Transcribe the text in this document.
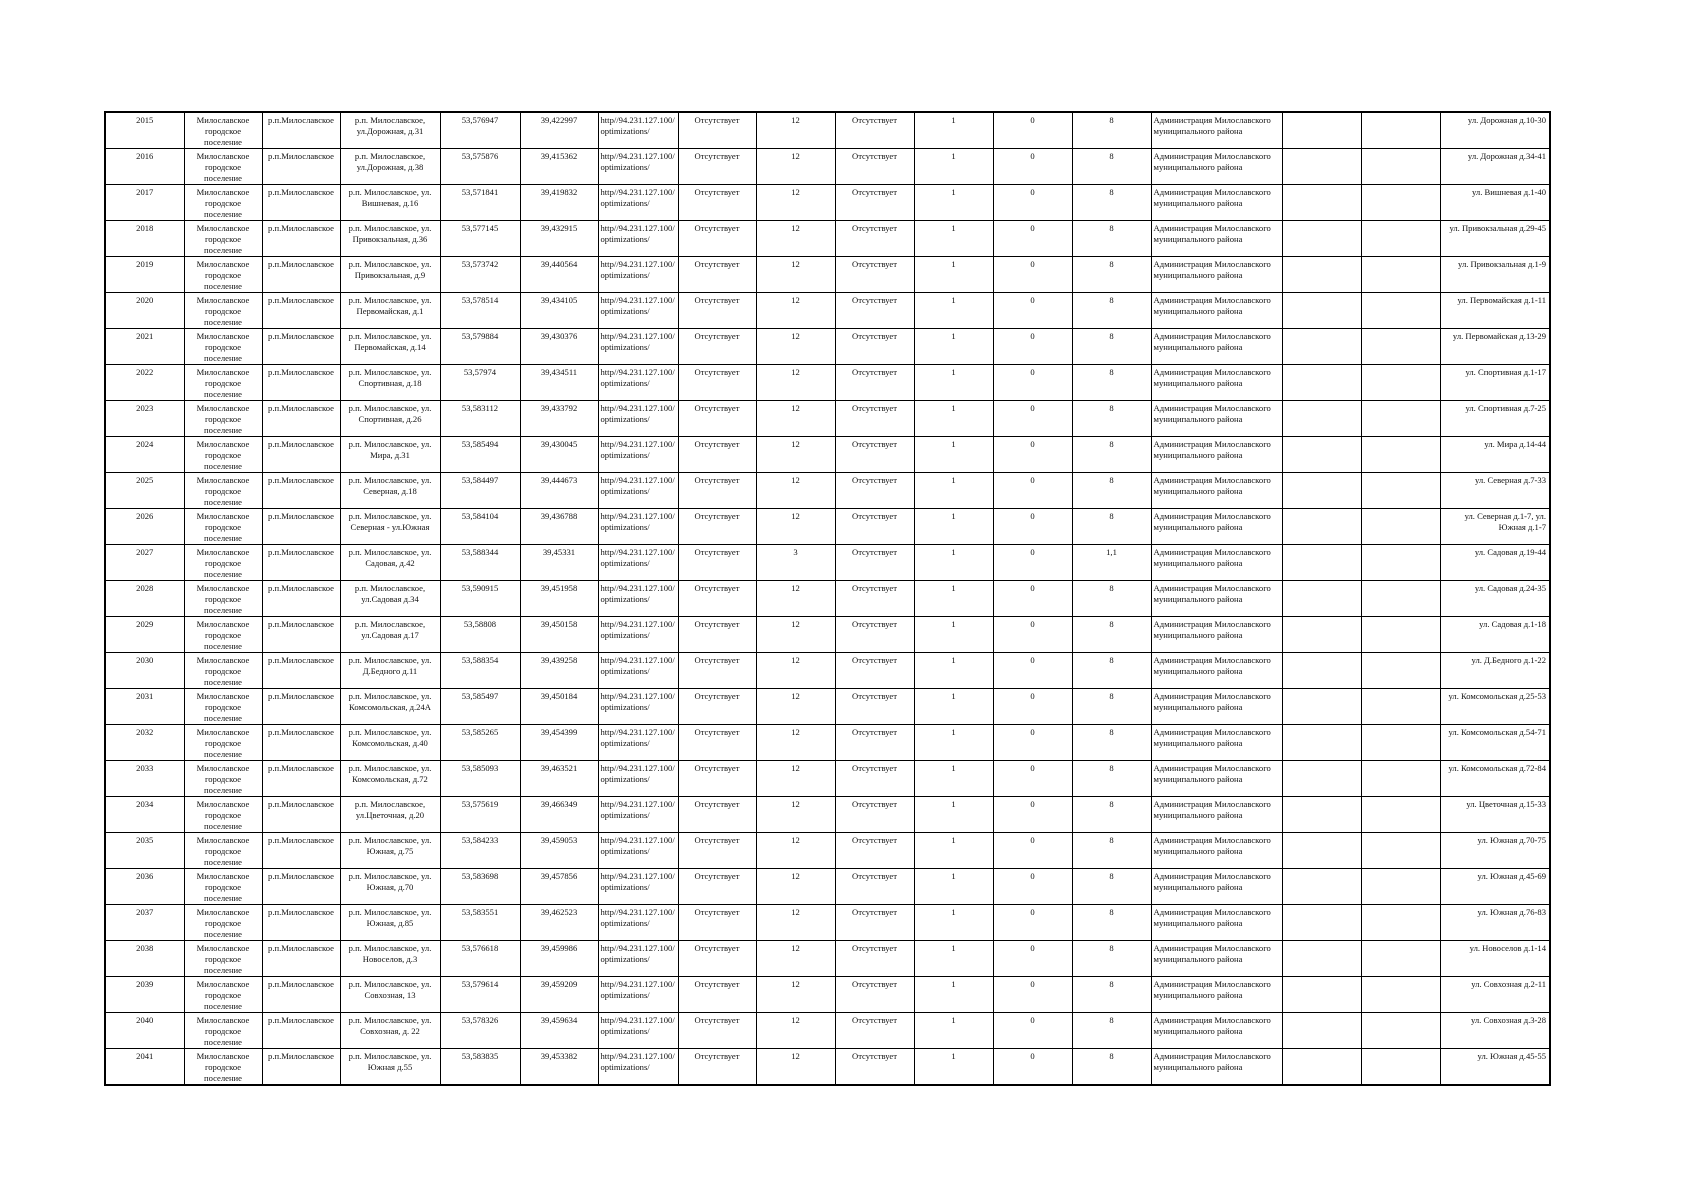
2015	Милославское городское поселение	р.п.Милославское	р.п. Милославское, ул.Дорожная, д.31	53,576947	39,422997	http//94.231.127.100/optimizations/	Отсутствует	12	Отсутствует	1	0	8	Администрация Милославского муниципального района			ул. Дорожная д.10-30
2016	Милославское городское поселение	р.п.Милославское	р.п. Милославское, ул.Дорожная, д.38	53,575876	39,415362	http//94.231.127.100/optimizations/	Отсутствует	12	Отсутствует	1	0	8	Администрация Милославского муниципального района			ул. Дорожная д.34-41
2017	Милославское городское поселение	р.п.Милославское	р.п. Милославское, ул. Вишневая, д.16	53,571841	39,419832	http//94.231.127.100/optimizations/	Отсутствует	12	Отсутствует	1	0	8	Администрация Милославского муниципального района			ул. Вишневая д.1-40
2018	Милославское городское поселение	р.п.Милославское	р.п. Милославское, ул. Привокзальная, д.36	53,577145	39,432915	http//94.231.127.100/optimizations/	Отсутствует	12	Отсутствует	1	0	8	Администрация Милославского муниципального района			ул. Привокзальная д.29-45
2019	Милославское городское поселение	р.п.Милославское	р.п. Милославское, ул. Привокзальная, д.9	53,573742	39,440564	http//94.231.127.100/optimizations/	Отсутствует	12	Отсутствует	1	0	8	Администрация Милославского муниципального района			ул. Привокзальная д.1-9
2020	Милославское городское поселение	р.п.Милославское	р.п. Милославское, ул. Первомайская, д.1	53,578514	39,434105	http//94.231.127.100/optimizations/	Отсутствует	12	Отсутствует	1	0	8	Администрация Милославского муниципального района			ул. Первомайская д.1-11
2021	Милославское городское поселение	р.п.Милославское	р.п. Милославское, ул. Первомайская, д.14	53,579884	39,430376	http//94.231.127.100/optimizations/	Отсутствует	12	Отсутствует	1	0	8	Администрация Милославского муниципального района			ул. Первомайская д.13-29
2022	Милославское городское поселение	р.п.Милославское	р.п. Милославское, ул. Спортивная, д.18	53,57974	39,434511	http//94.231.127.100/optimizations/	Отсутствует	12	Отсутствует	1	0	8	Администрация Милославского муниципального района			ул. Спортивная д.1-17
2023	Милославское городское поселение	р.п.Милославское	р.п. Милославское, ул. Спортивная, д.26	53,583112	39,433792	http//94.231.127.100/optimizations/	Отсутствует	12	Отсутствует	1	0	8	Администрация Милославского муниципального района			ул. Спортивная д.7-25
2024	Милославское городское поселение	р.п.Милославское	р.п. Милославское, ул. Мира, д.31	53,585494	39,430045	http//94.231.127.100/optimizations/	Отсутствует	12	Отсутствует	1	0	8	Администрация Милославского муниципального района			ул. Мира д.14-44
2025	Милославское городское поселение	р.п.Милославское	р.п. Милославское, ул. Северная, д.18	53,584497	39,444673	http//94.231.127.100/optimizations/	Отсутствует	12	Отсутствует	1	0	8	Администрация Милославского муниципального района			ул. Северная д.7-33
2026	Милославское городское поселение	р.п.Милославское	р.п. Милославское, ул. Северная - ул.Южная	53,584104	39,436788	http//94.231.127.100/optimizations/	Отсутствует	12	Отсутствует	1	0	8	Администрация Милославского муниципального района			ул. Северная д.1-7, ул. Южная д.1-7
2027	Милославское городское поселение	р.п.Милославское	р.п. Милославское, ул. Садовая, д.42	53,588344	39,45331	http//94.231.127.100/optimizations/	Отсутствует	3	Отсутствует	1	0	1,1	Администрация Милославского муниципального района			ул. Садовая д.19-44
2028	Милославское городское поселение	р.п.Милославское	р.п. Милославское, ул.Садовая д.34	53,590915	39,451958	http//94.231.127.100/optimizations/	Отсутствует	12	Отсутствует	1	0	8	Администрация Милославского муниципального района			ул. Садовая д.24-35
2029	Милославское городское поселение	р.п.Милославское	р.п. Милославское, ул.Садовая д.17	53,58808	39,450158	http//94.231.127.100/optimizations/	Отсутствует	12	Отсутствует	1	0	8	Администрация Милославского муниципального района			ул. Садовая д.1-18
2030	Милославское городское поселение	р.п.Милославское	р.п. Милославское, ул. Д.Бедного д.11	53,588354	39,439258	http//94.231.127.100/optimizations/	Отсутствует	12	Отсутствует	1	0	8	Администрация Милославского муниципального района			ул. Д.Бедного д.1-22
2031	Милославское городское поселение	р.п.Милославское	р.п. Милославское, ул. Комсомольская, д.24А	53,585497	39,450184	http//94.231.127.100/optimizations/	Отсутствует	12	Отсутствует	1	0	8	Администрация Милославского муниципального района			ул. Комсомольская д.25-53
2032	Милославское городское поселение	р.п.Милославское	р.п. Милославское, ул. Комсомольская, д.40	53,585265	39,454399	http//94.231.127.100/optimizations/	Отсутствует	12	Отсутствует	1	0	8	Администрация Милославского муниципального района			ул. Комсомольская д.54-71
2033	Милославское городское поселение	р.п.Милославское	р.п. Милославское, ул. Комсомольская, д.72	53,585093	39,463521	http//94.231.127.100/optimizations/	Отсутствует	12	Отсутствует	1	0	8	Администрация Милославского муниципального района			ул. Комсомольская д.72-84
2034	Милославское городское поселение	р.п.Милославское	р.п. Милославское, ул.Цветочная, д.20	53,575619	39,466349	http//94.231.127.100/optimizations/	Отсутствует	12	Отсутствует	1	0	8	Администрация Милославского муниципального района			ул. Цветочная д.15-33
2035	Милославское городское поселение	р.п.Милославское	р.п. Милославское, ул. Южная, д.75	53,584233	39,459053	http//94.231.127.100/optimizations/	Отсутствует	12	Отсутствует	1	0	8	Администрация Милославского муниципального района			ул. Южная д.70-75
2036	Милославское городское поселение	р.п.Милославское	р.п. Милославское, ул. Южная, д.70	53,583698	39,457856	http//94.231.127.100/optimizations/	Отсутствует	12	Отсутствует	1	0	8	Администрация Милославского муниципального района			ул. Южная д.45-69
2037	Милославское городское поселение	р.п.Милославское	р.п. Милославское, ул. Южная, д.85	53,583551	39,462523	http//94.231.127.100/optimizations/	Отсутствует	12	Отсутствует	1	0	8	Администрация Милославского муниципального района			ул. Южная д.76-83
2038	Милославское городское поселение	р.п.Милославское	р.п. Милославское, ул. Новоселов, д.3	53,576618	39,459986	http//94.231.127.100/optimizations/	Отсутствует	12	Отсутствует	1	0	8	Администрация Милославского муниципального района			ул. Новоселов д.1-14
2039	Милославское городское поселение	р.п.Милославское	р.п. Милославское, ул. Совхозная, 13	53,579614	39,459209	http//94.231.127.100/optimizations/	Отсутствует	12	Отсутствует	1	0	8	Администрация Милославского муниципального района			ул. Совхозная д.2-11
2040	Милославское городское поселение	р.п.Милославское	р.п. Милославское, ул. Совхозная, д. 22	53,578326	39,459634	http//94.231.127.100/optimizations/	Отсутствует	12	Отсутствует	1	0	8	Администрация Милославского муниципального района			ул. Совхозная д.3-28
2041	Милославское городское поселение	р.п.Милославское	р.п. Милославское, ул. Южная д.55	53,583835	39,453382	http//94.231.127.100/optimizations/	Отсутствует	12	Отсутствует	1	0	8	Администрация Милославского муниципального района			ул. Южная д.45-55
